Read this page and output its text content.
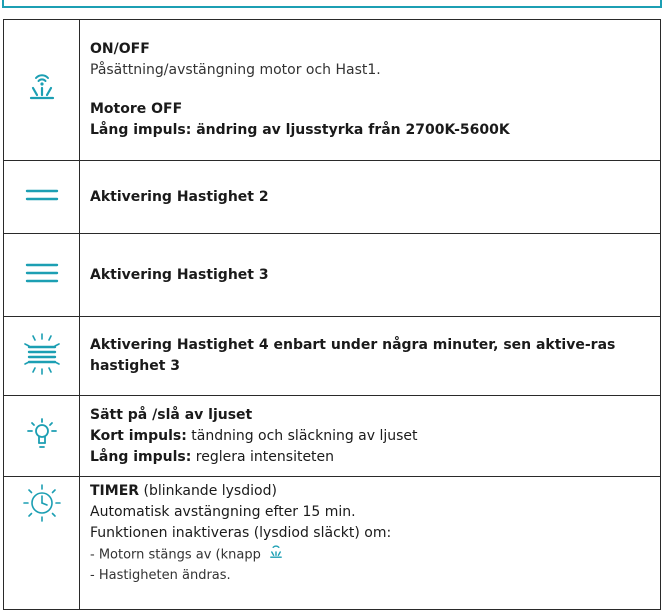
ON/OFF
Påsättning/avstängning motor och Hast1.
Motore OFF
Lång impuls: ändring av ljusstyrka från 2700K-5600K

	Aktivering Hastighet 2
	Aktivering Hastighet 3
	Aktivering Hastighet 4 enbart under några minuter, sen aktive-ras hastighet 3

Sätt på /slå av ljuset
Kort impuls: tändning och släckning av ljuset
Lång impuls: reglera intensiteten

TIMER (blinkande lysdiod)
Automatisk avstängning efter 15 min.
Funktionen inaktiveras (lysdiod släckt) om:
- Motorn stängs av (knapp
- Hastigheten ändras.
